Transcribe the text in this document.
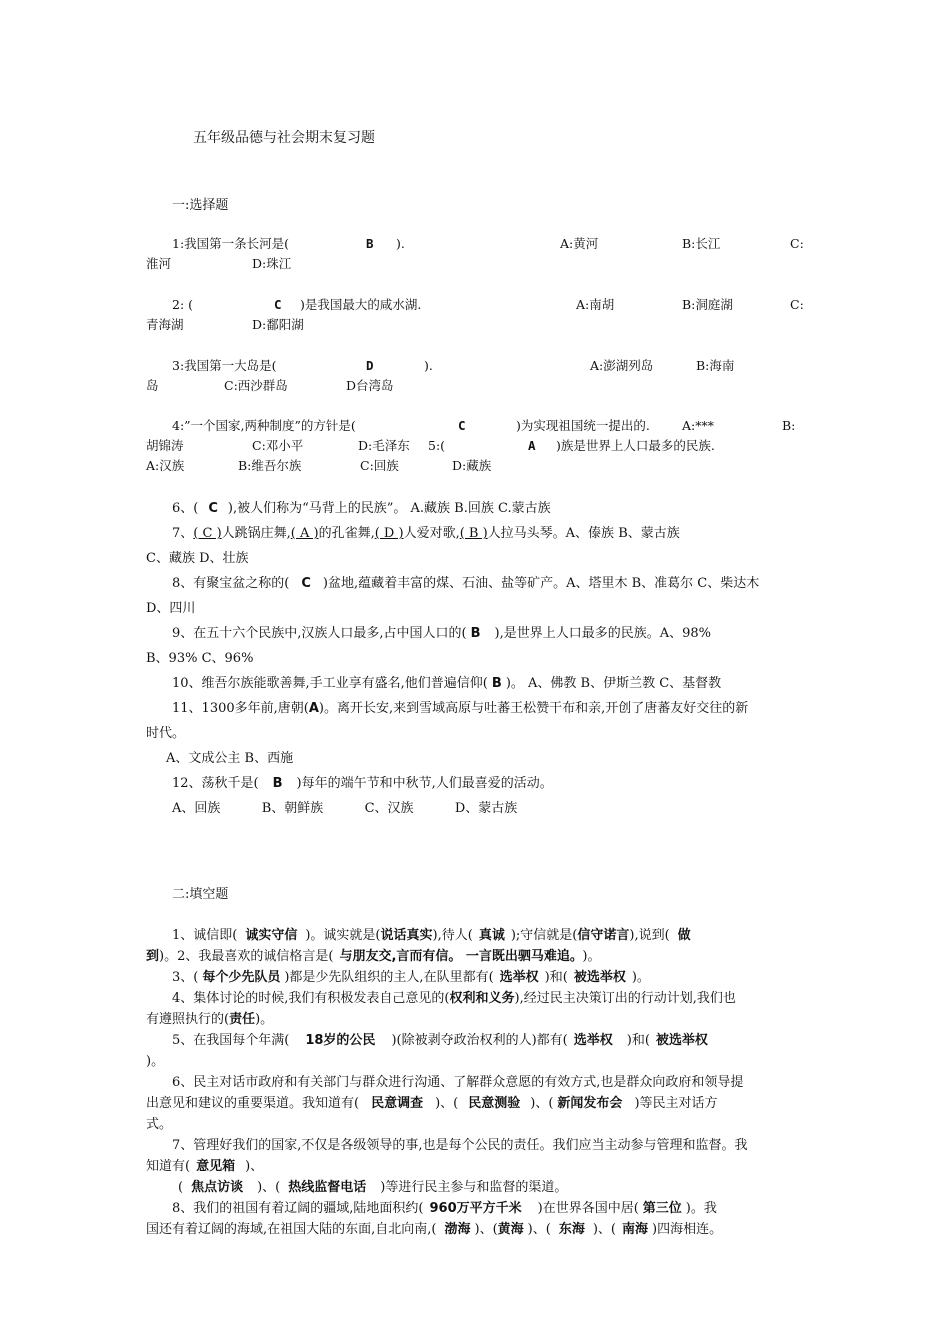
五年级品德与社会期末复习题
一:选择题
1:我国第一条长河是(	B ).	A:黄河	B:长江	C:
淮河	D:珠江
2: (	C )是我国最大的咸水湖.	A:南胡	B:洞庭湖	C:
青海湖	D:鄱阳湖
3:我国第一大岛是(	D	).	A:澎湖列岛	B:海南
岛	C:西沙群岛	D台湾岛
4:”一个国家,两种制度”的方针是(	C	)为实现祖国统一提出的.	A:***	B:
胡锦涛	C:邓小平	D:毛泽东 5:(	A )族是世界上人口最多的民族.
A:汉族	B:维吾尔族	C:回族	D:藏族
6、( C ),被人们称为“马背上的民族”。 A.藏族 B.回族 C.蒙古族
7、( C )人跳锅庄舞,( A )的孔雀舞,( D )人爱对歌,( B )人拉马头琴。A、傣族 B、蒙古族
C、藏族 D、壮族
8、有聚宝盆之称的( C )盆地,蕴藏着丰富的煤、石油、盐等矿产。A、塔里木 B、准葛尔 C、柴达木
D、四川
9、在五十六个民族中,汉族人口最多,占中国人口的( B ),是世界上人口最多的民族。A、98%
B、93% C、96%
10、维吾尔族能歌善舞,手工业享有盛名,他们普遍信仰( B )。 A、佛教 B、伊斯兰教 C、基督教
11、1300多年前,唐朝(A)。离开长安,来到雪域高原与吐蕃王松赞干布和亲,开创了唐蕃友好交往的新
时代。
A、文成公主 B、西施
12、荡秋千是( B )每年的端午节和中秋节,人们最喜爱的活动。
A、回族          B、朝鲜族          C、汉族          D、蒙古族
二:填空题
1、诚信即( 诚实守信 )。诚实就是(说话真实),待人( 真诚 );守信就是(信守诺言),说到( 做
到)。2、我最喜欢的诚信格言是( 与朋友交,言而有信。 一言既出驷马难追。 )。
3、( 每个少先队员 )都是少先队组织的主人,在队里都有( 选举权 )和( 被选举权 )。
4、集体讨论的时候,我们有积极发表自己意见的(权利和义务),经过民主决策订出的行动计划,我们也
有遵照执行的(责任)。
5、在我国每个年满( 18岁的公民 )(除被剥夺政治权利的人)都有( 选举权 )和( 被选举权
)。
6、民主对话市政府和有关部门与群众进行沟通、了解群众意愿的有效方式,也是群众向政府和领导提
出意见和建议的重要渠道。我知道有( 民意调查 )、( 民意测验 )、( 新闻发布会 )等民主对话方
式。
7、管理好我们的国家,不仅是各级领导的事,也是每个公民的责任。我们应当主动参与管理和监督。我
知道有( 意见箱 )、
( 焦点访谈 )、( 热线监督电话 )等进行民主参与和监督的渠道。
8、我们的祖国有着辽阔的疆域,陆地面积约( 960万平方千米 )在世界各国中居( 第三位 )。我
国还有着辽阔的海域,在祖国大陆的东面,自北向南,( 渤海 )、(黄海 )、( 东海 )、( 南海 )四海相连。
